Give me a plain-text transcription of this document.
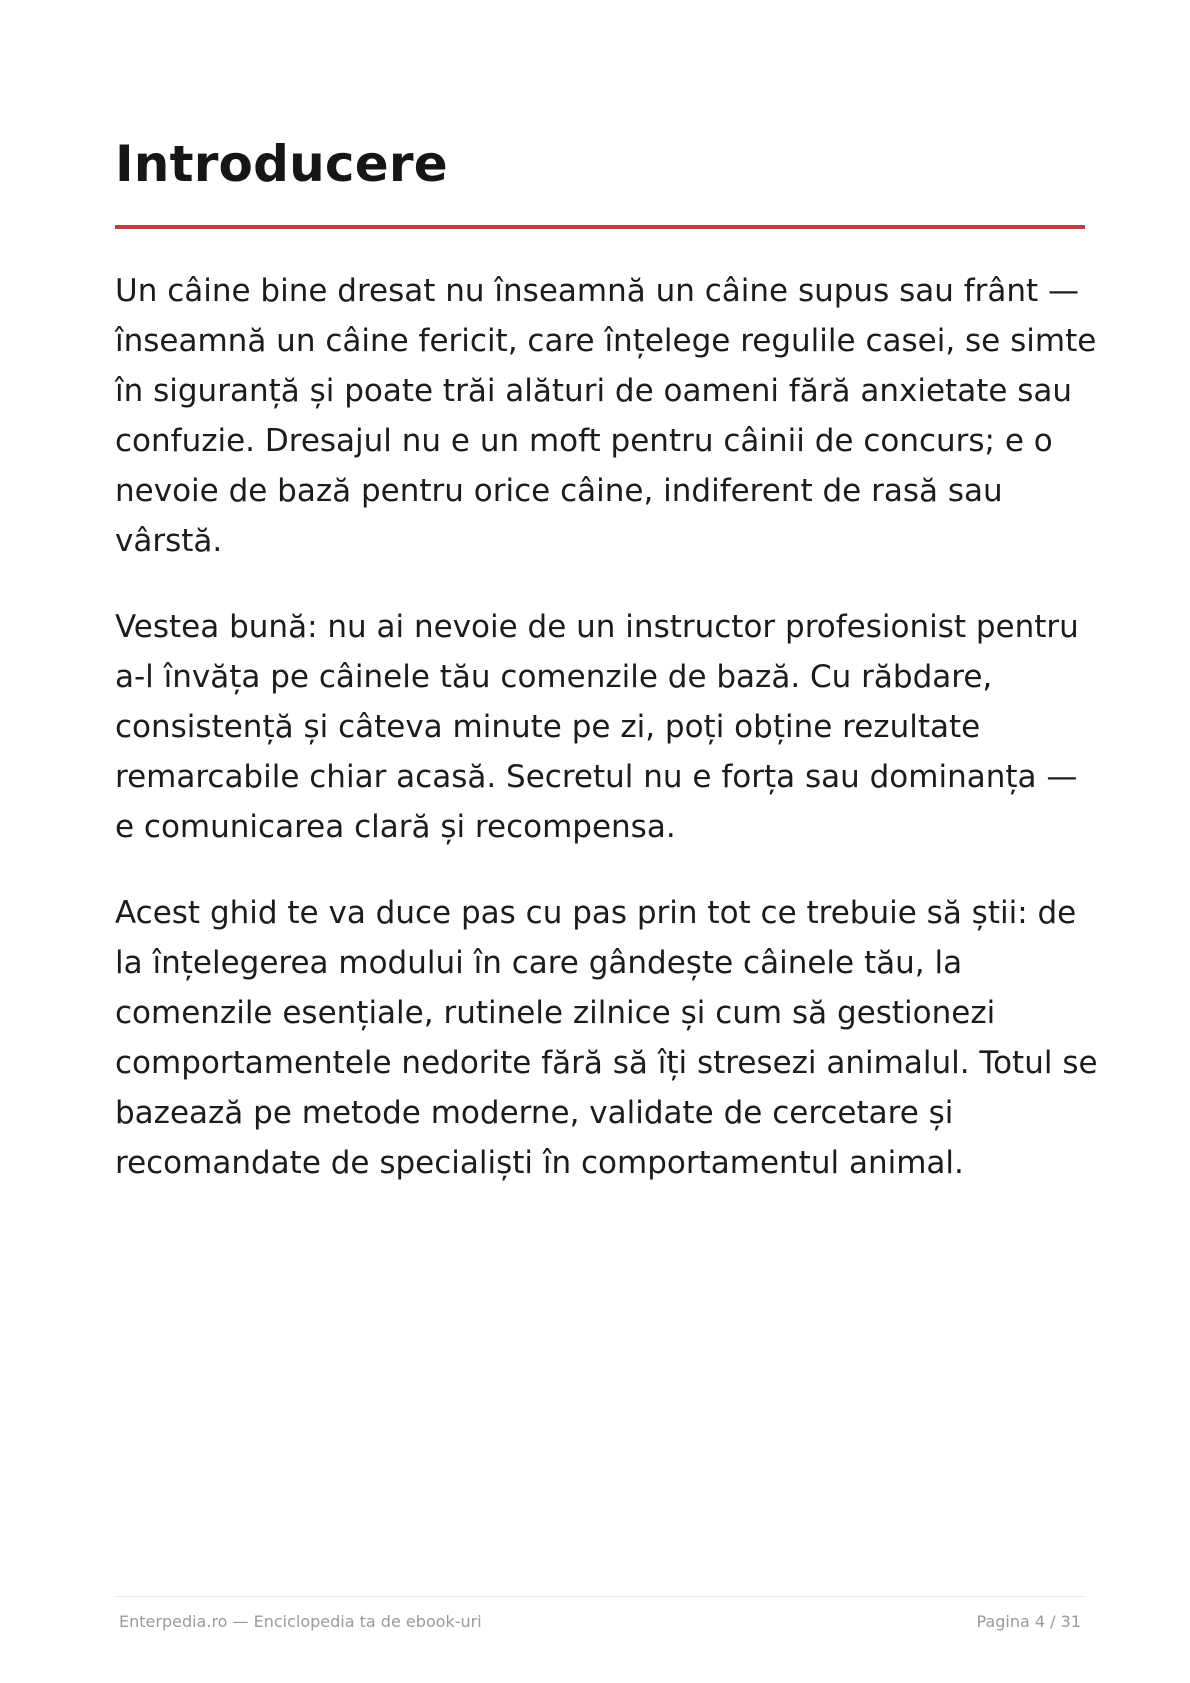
Introducere

Un câine bine dresat nu înseamnă un câine supus sau frânt — înseamnă un câine fericit, care înțelege regulile casei, se simte în siguranță și poate trăi alături de oameni fără anxietate sau confuzie. Dresajul nu e un moft pentru câinii de concurs; e o nevoie de bază pentru orice câine, indiferent de rasă sau vârstă.

Vestea bună: nu ai nevoie de un instructor profesionist pentru a-l învăța pe câinele tău comenzile de bază. Cu răbdare, consistență și câteva minute pe zi, poți obține rezultate remarcabile chiar acasă. Secretul nu e forța sau dominanța — e comunicarea clară și recompensa.

Acest ghid te va duce pas cu pas prin tot ce trebuie să știi: de la înțelegerea modului în care gândește câinele tău, la comenzile esențiale, rutinele zilnice și cum să gestionezi comportamentele nedorite fără să îți stresezi animalul. Totul se bazează pe metode moderne, validate de cercetare și recomandate de specialiști în comportamentul animal.

Enterpedia.ro — Enciclopedia ta de ebook-uri	Pagina 4 / 31
